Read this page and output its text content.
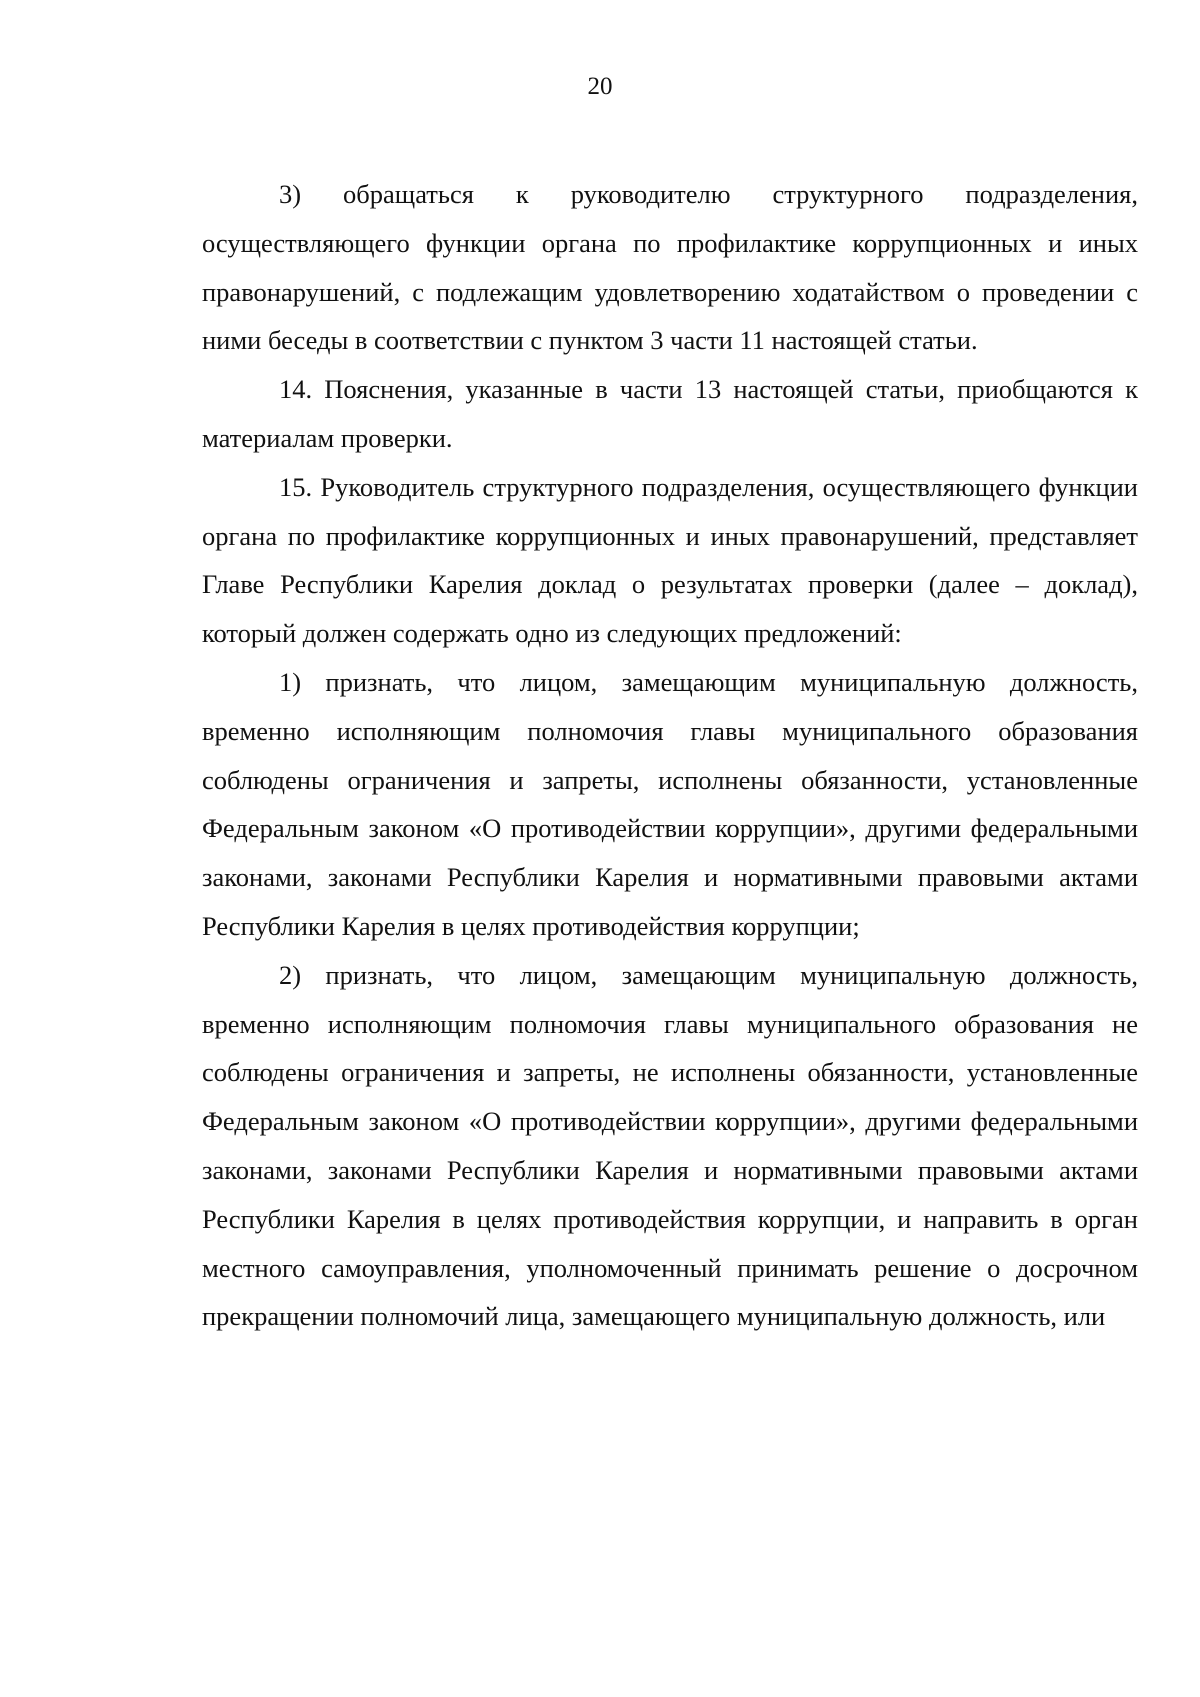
20

3) обращаться к руководителю структурного подразделения, осуществляющего функции органа по профилактике коррупционных и иных правонарушений, с подлежащим удовлетворению ходатайством о проведении с ними беседы в соответствии с пунктом 3 части 11 настоящей статьи.

14. Пояснения, указанные в части 13 настоящей статьи, приобщаются к материалам проверки.

15. Руководитель структурного подразделения, осуществляющего функции органа по профилактике коррупционных и иных правонарушений, представляет Главе Республики Карелия доклад о результатах проверки (далее – доклад), который должен содержать одно из следующих предложений:

1) признать, что лицом, замещающим муниципальную должность, временно исполняющим полномочия главы муниципального образования соблюдены ограничения и запреты, исполнены обязанности, установленные Федеральным законом «О противодействии коррупции», другими федеральными законами, законами Республики Карелия и нормативными правовыми актами Республики Карелия в целях противодействия коррупции;

2) признать, что лицом, замещающим муниципальную должность, временно исполняющим полномочия главы муниципального образования не соблюдены ограничения и запреты, не исполнены обязанности, установленные Федеральным законом «О противодействии коррупции», другими федеральными законами, законами Республики Карелия и нормативными правовыми актами Республики Карелия в целях противодействия коррупции, и направить в орган местного самоуправления, уполномоченный принимать решение о досрочном прекращении полномочий лица, замещающего муниципальную должность, или
